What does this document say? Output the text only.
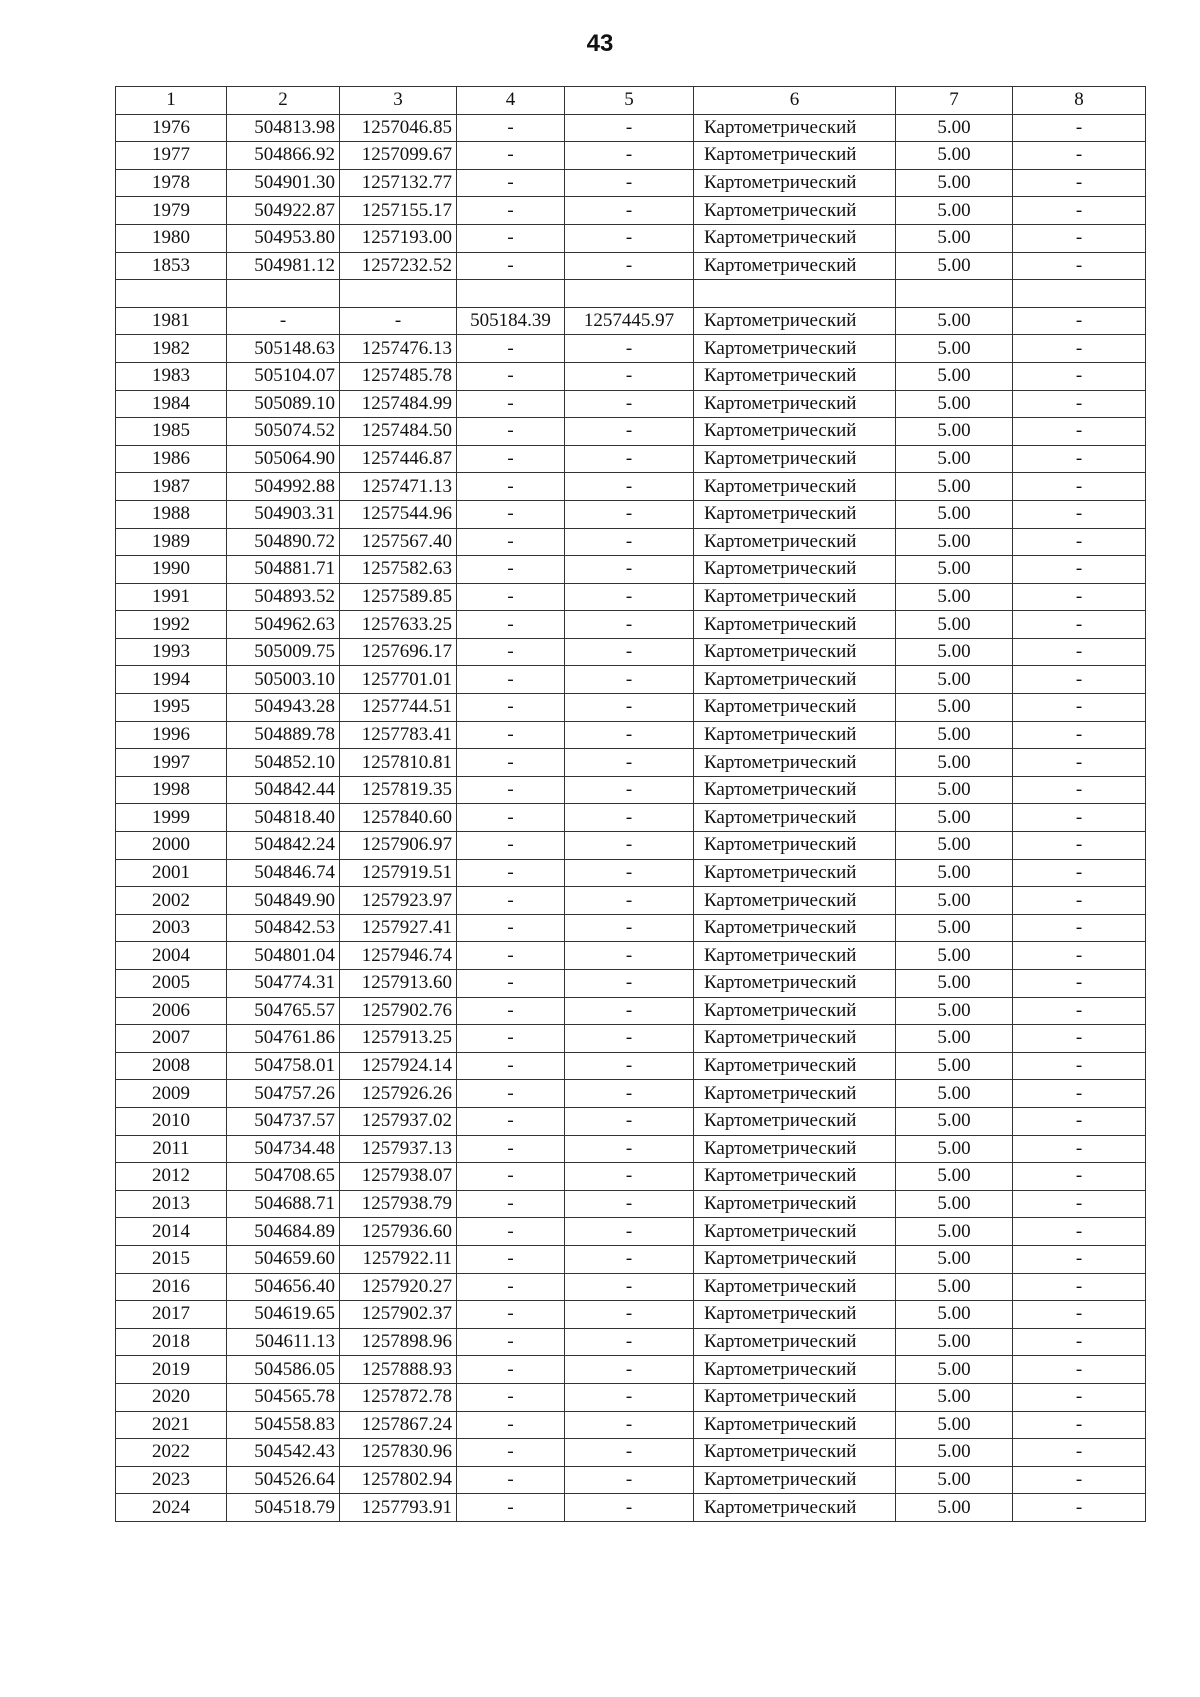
43
1	2	3	4	5	6	7	8
1976	504813.98	1257046.85	-	-	Картометрический	5.00	-
1977	504866.92	1257099.67	-	-	Картометрический	5.00	-
1978	504901.30	1257132.77	-	-	Картометрический	5.00	-
1979	504922.87	1257155.17	-	-	Картометрический	5.00	-
1980	504953.80	1257193.00	-	-	Картометрический	5.00	-
1853	504981.12	1257232.52	-	-	Картометрический	5.00	-

1981	-	-	505184.39	1257445.97	Картометрический	5.00	-
1982	505148.63	1257476.13	-	-	Картометрический	5.00	-
1983	505104.07	1257485.78	-	-	Картометрический	5.00	-
1984	505089.10	1257484.99	-	-	Картометрический	5.00	-
1985	505074.52	1257484.50	-	-	Картометрический	5.00	-
1986	505064.90	1257446.87	-	-	Картометрический	5.00	-
1987	504992.88	1257471.13	-	-	Картометрический	5.00	-
1988	504903.31	1257544.96	-	-	Картометрический	5.00	-
1989	504890.72	1257567.40	-	-	Картометрический	5.00	-
1990	504881.71	1257582.63	-	-	Картометрический	5.00	-
1991	504893.52	1257589.85	-	-	Картометрический	5.00	-
1992	504962.63	1257633.25	-	-	Картометрический	5.00	-
1993	505009.75	1257696.17	-	-	Картометрический	5.00	-
1994	505003.10	1257701.01	-	-	Картометрический	5.00	-
1995	504943.28	1257744.51	-	-	Картометрический	5.00	-
1996	504889.78	1257783.41	-	-	Картометрический	5.00	-
1997	504852.10	1257810.81	-	-	Картометрический	5.00	-
1998	504842.44	1257819.35	-	-	Картометрический	5.00	-
1999	504818.40	1257840.60	-	-	Картометрический	5.00	-
2000	504842.24	1257906.97	-	-	Картометрический	5.00	-
2001	504846.74	1257919.51	-	-	Картометрический	5.00	-
2002	504849.90	1257923.97	-	-	Картометрический	5.00	-
2003	504842.53	1257927.41	-	-	Картометрический	5.00	-
2004	504801.04	1257946.74	-	-	Картометрический	5.00	-
2005	504774.31	1257913.60	-	-	Картометрический	5.00	-
2006	504765.57	1257902.76	-	-	Картометрический	5.00	-
2007	504761.86	1257913.25	-	-	Картометрический	5.00	-
2008	504758.01	1257924.14	-	-	Картометрический	5.00	-
2009	504757.26	1257926.26	-	-	Картометрический	5.00	-
2010	504737.57	1257937.02	-	-	Картометрический	5.00	-
2011	504734.48	1257937.13	-	-	Картометрический	5.00	-
2012	504708.65	1257938.07	-	-	Картометрический	5.00	-
2013	504688.71	1257938.79	-	-	Картометрический	5.00	-
2014	504684.89	1257936.60	-	-	Картометрический	5.00	-
2015	504659.60	1257922.11	-	-	Картометрический	5.00	-
2016	504656.40	1257920.27	-	-	Картометрический	5.00	-
2017	504619.65	1257902.37	-	-	Картометрический	5.00	-
2018	504611.13	1257898.96	-	-	Картометрический	5.00	-
2019	504586.05	1257888.93	-	-	Картометрический	5.00	-
2020	504565.78	1257872.78	-	-	Картометрический	5.00	-
2021	504558.83	1257867.24	-	-	Картометрический	5.00	-
2022	504542.43	1257830.96	-	-	Картометрический	5.00	-
2023	504526.64	1257802.94	-	-	Картометрический	5.00	-
2024	504518.79	1257793.91	-	-	Картометрический	5.00	-
